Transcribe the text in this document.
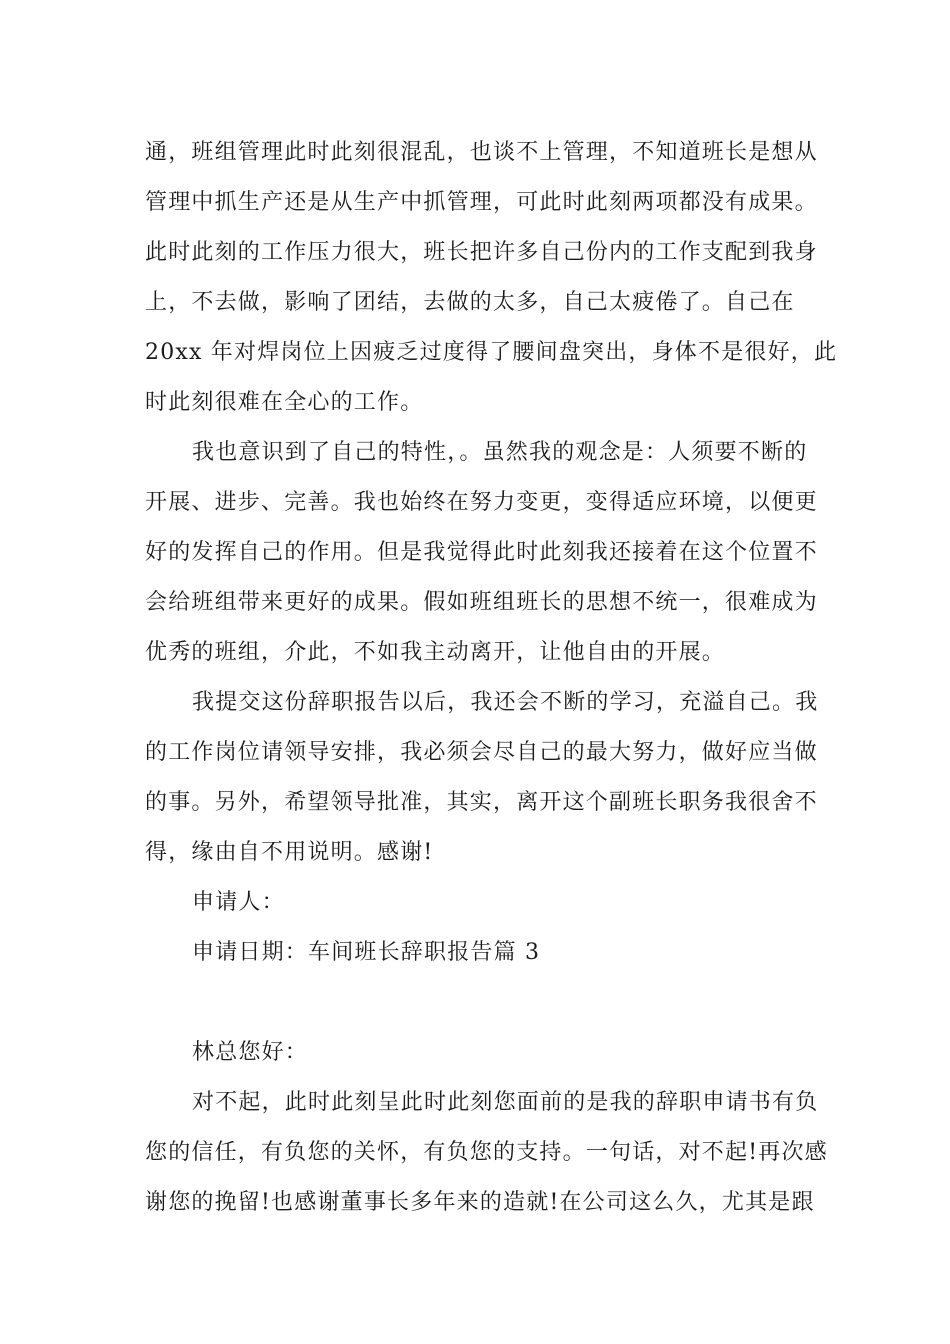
通，班组管理此时此刻很混乱，也谈不上管理，不知道班长是想从
管理中抓生产还是从生产中抓管理，可此时此刻两项都没有成果。
此时此刻的工作压力很大，班长把许多自己份内的工作支配到我身
上，不去做，影响了团结，去做的太多，自己太疲倦了。自己在
20xx 年对焊岗位上因疲乏过度得了腰间盘突出，身体不是很好，此
时此刻很难在全心的工作。
我也意识到了自己的特性，。虽然我的观念是：人须要不断的
开展、进步、完善。我也始终在努力变更，变得适应环境，以便更
好的发挥自己的作用。但是我觉得此时此刻我还接着在这个位置不
会给班组带来更好的成果。假如班组班长的思想不统一，很难成为
优秀的班组，介此，不如我主动离开，让他自由的开展。
我提交这份辞职报告以后，我还会不断的学习，充溢自己。我
的工作岗位请领导安排，我必须会尽自己的最大努力，做好应当做
的事。另外，希望领导批准，其实，离开这个副班长职务我很舍不
得，缘由自不用说明。感谢!
申请人：
申请日期：车间班长辞职报告篇 3
林总您好：
对不起，此时此刻呈此时此刻您面前的是我的辞职申请书有负
您的信任，有负您的关怀，有负您的支持。一句话，对不起!再次感
谢您的挽留!也感谢董事长多年来的造就!在公司这么久，尤其是跟
